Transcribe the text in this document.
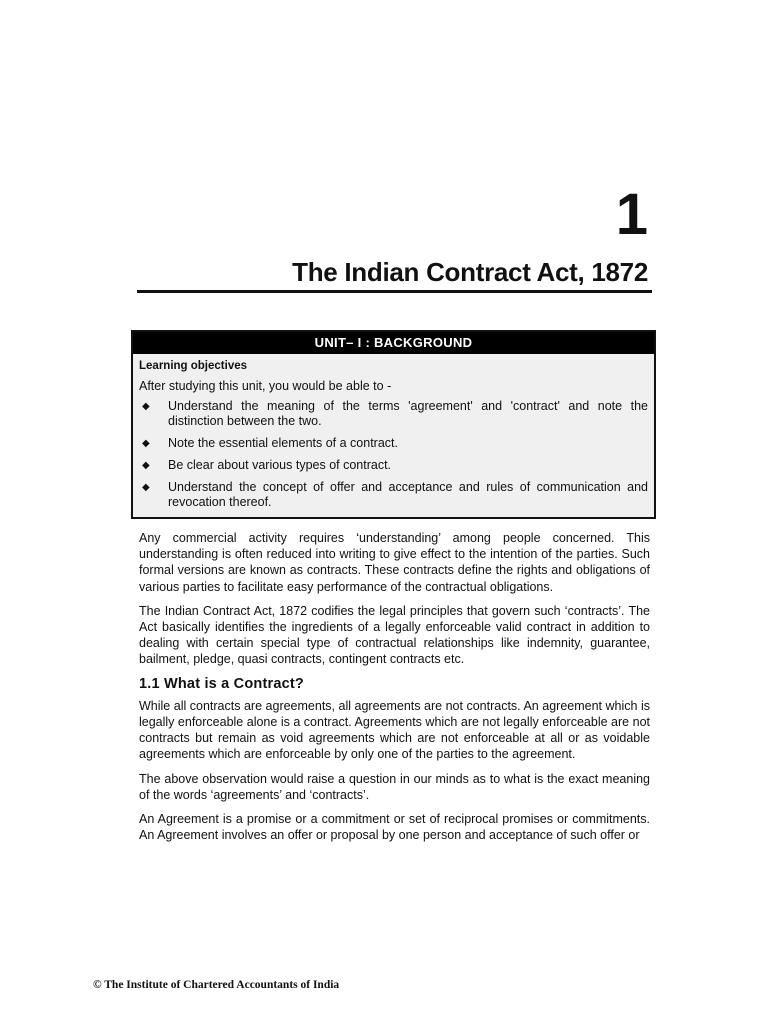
1
The Indian Contract Act, 1872
UNIT– I : BACKGROUND
Learning objectives
After studying this unit, you would be able to -
◆	Understand the meaning of the terms 'agreement' and 'contract' and note the distinction between the two.
◆	Note the essential elements of a contract.
◆	Be clear about various types of contract.
◆	Understand the concept of offer and acceptance and rules of communication and revocation thereof.

Any commercial activity requires ‘understanding’ among people concerned. This understanding is often reduced into writing to give effect to the intention of the parties. Such formal versions are known as contracts. These contracts define the rights and obligations of various parties to facilitate easy performance of the contractual obligations.

The Indian Contract Act, 1872 codifies the legal principles that govern such ‘contracts’. The Act basically identifies the ingredients of a legally enforceable valid contract in addition to dealing with certain special type of contractual relationships like indemnity, guarantee, bailment, pledge, quasi contracts, contingent contracts etc.

1.1 What is a Contract?

While all contracts are agreements, all agreements are not contracts. An agreement which is legally enforceable alone is a contract. Agreements which are not legally enforceable are not contracts but remain as void agreements which are not enforceable at all or as voidable agreements which are enforceable by only one of the parties to the agreement.

The above observation would raise a question in our minds as to what is the exact meaning of the words ‘agreements’ and ‘contracts’.

An Agreement is a promise or a commitment or set of reciprocal promises or commitments. An Agreement involves an offer or proposal by one person and acceptance of such offer or

© The Institute of Chartered Accountants of India
